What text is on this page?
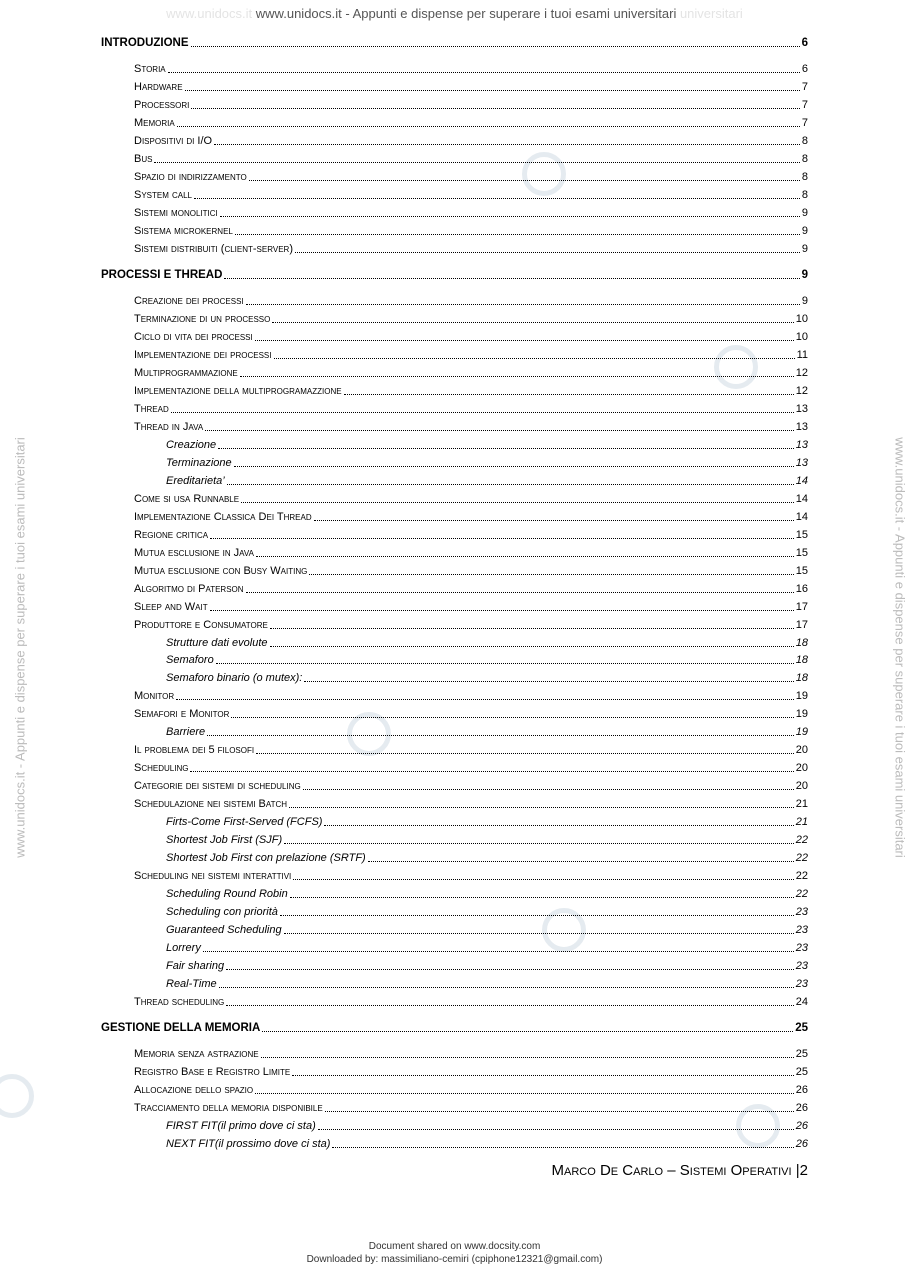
www.unidocs.it www.unidocs.it - Appunti e dispense per superare i tuoi esami universitari universitari
www.unidocs.it - Appunti e dispense per superare i tuoi esami universitari	www.unidocs.it - Appunti e dispense per superare i tuoi esami universitari
INTRODUZIONE	6
Storia	6
Hardware	7
Processori	7
Memoria	7
Dispositivi di I/O	8
Bus	8
Spazio di indirizzamento	8
System call	8
Sistemi monolitici	9
Sistema microkernel	9
Sistemi distribuiti (client-server)	9
PROCESSI E THREAD	9
Creazione dei processi	9
Terminazione di un processo	10
Ciclo di vita dei processi	10
Implementazione dei processi	11
Multiprogrammazione	12
Implementazione della multiprogramazzione	12
Thread	13
Thread in Java	13
Creazione	13
Terminazione	13
Ereditarieta’	14
Come si usa Runnable	14
Implementazione Classica Dei Thread	14
Regione critica	15
Mutua esclusione in Java	15
Mutua esclusione con Busy Waiting	15
Algoritmo di Paterson	16
Sleep and Wait	17
Produttore e Consumatore	17
Strutture dati evolute	18
Semaforo	18
Semaforo binario (o mutex):	18
Monitor	19
Semafori e Monitor	19
Barriere	19
Il problema dei 5 filosofi	20
Scheduling	20
Categorie dei sistemi di scheduling	20
Schedulazione nei sistemi Batch	21
Firts-Come First-Served (FCFS)	21
Shortest Job First (SJF)	22
Shortest Job First con prelazione (SRTF)	22
Scheduling nei sistemi interattivi	22
Scheduling Round Robin	22
Scheduling con priorità	23
Guaranteed Scheduling	23
Lorrery	23
Fair sharing	23
Real-Time	23
Thread scheduling	24
GESTIONE DELLA MEMORIA	25
Memoria senza astrazione	25
Registro Base e Registro Limite	25
Allocazione dello spazio	26
Tracciamento della memoria disponibile	26
FIRST FIT(il primo dove ci sta)	26
NEXT FIT(il prossimo dove ci sta)	26
Marco De Carlo – Sistemi Operativi |2
Document shared on www.docsity.com
Downloaded by: massimiliano-cemiri (cpiphone12321@gmail.com)
